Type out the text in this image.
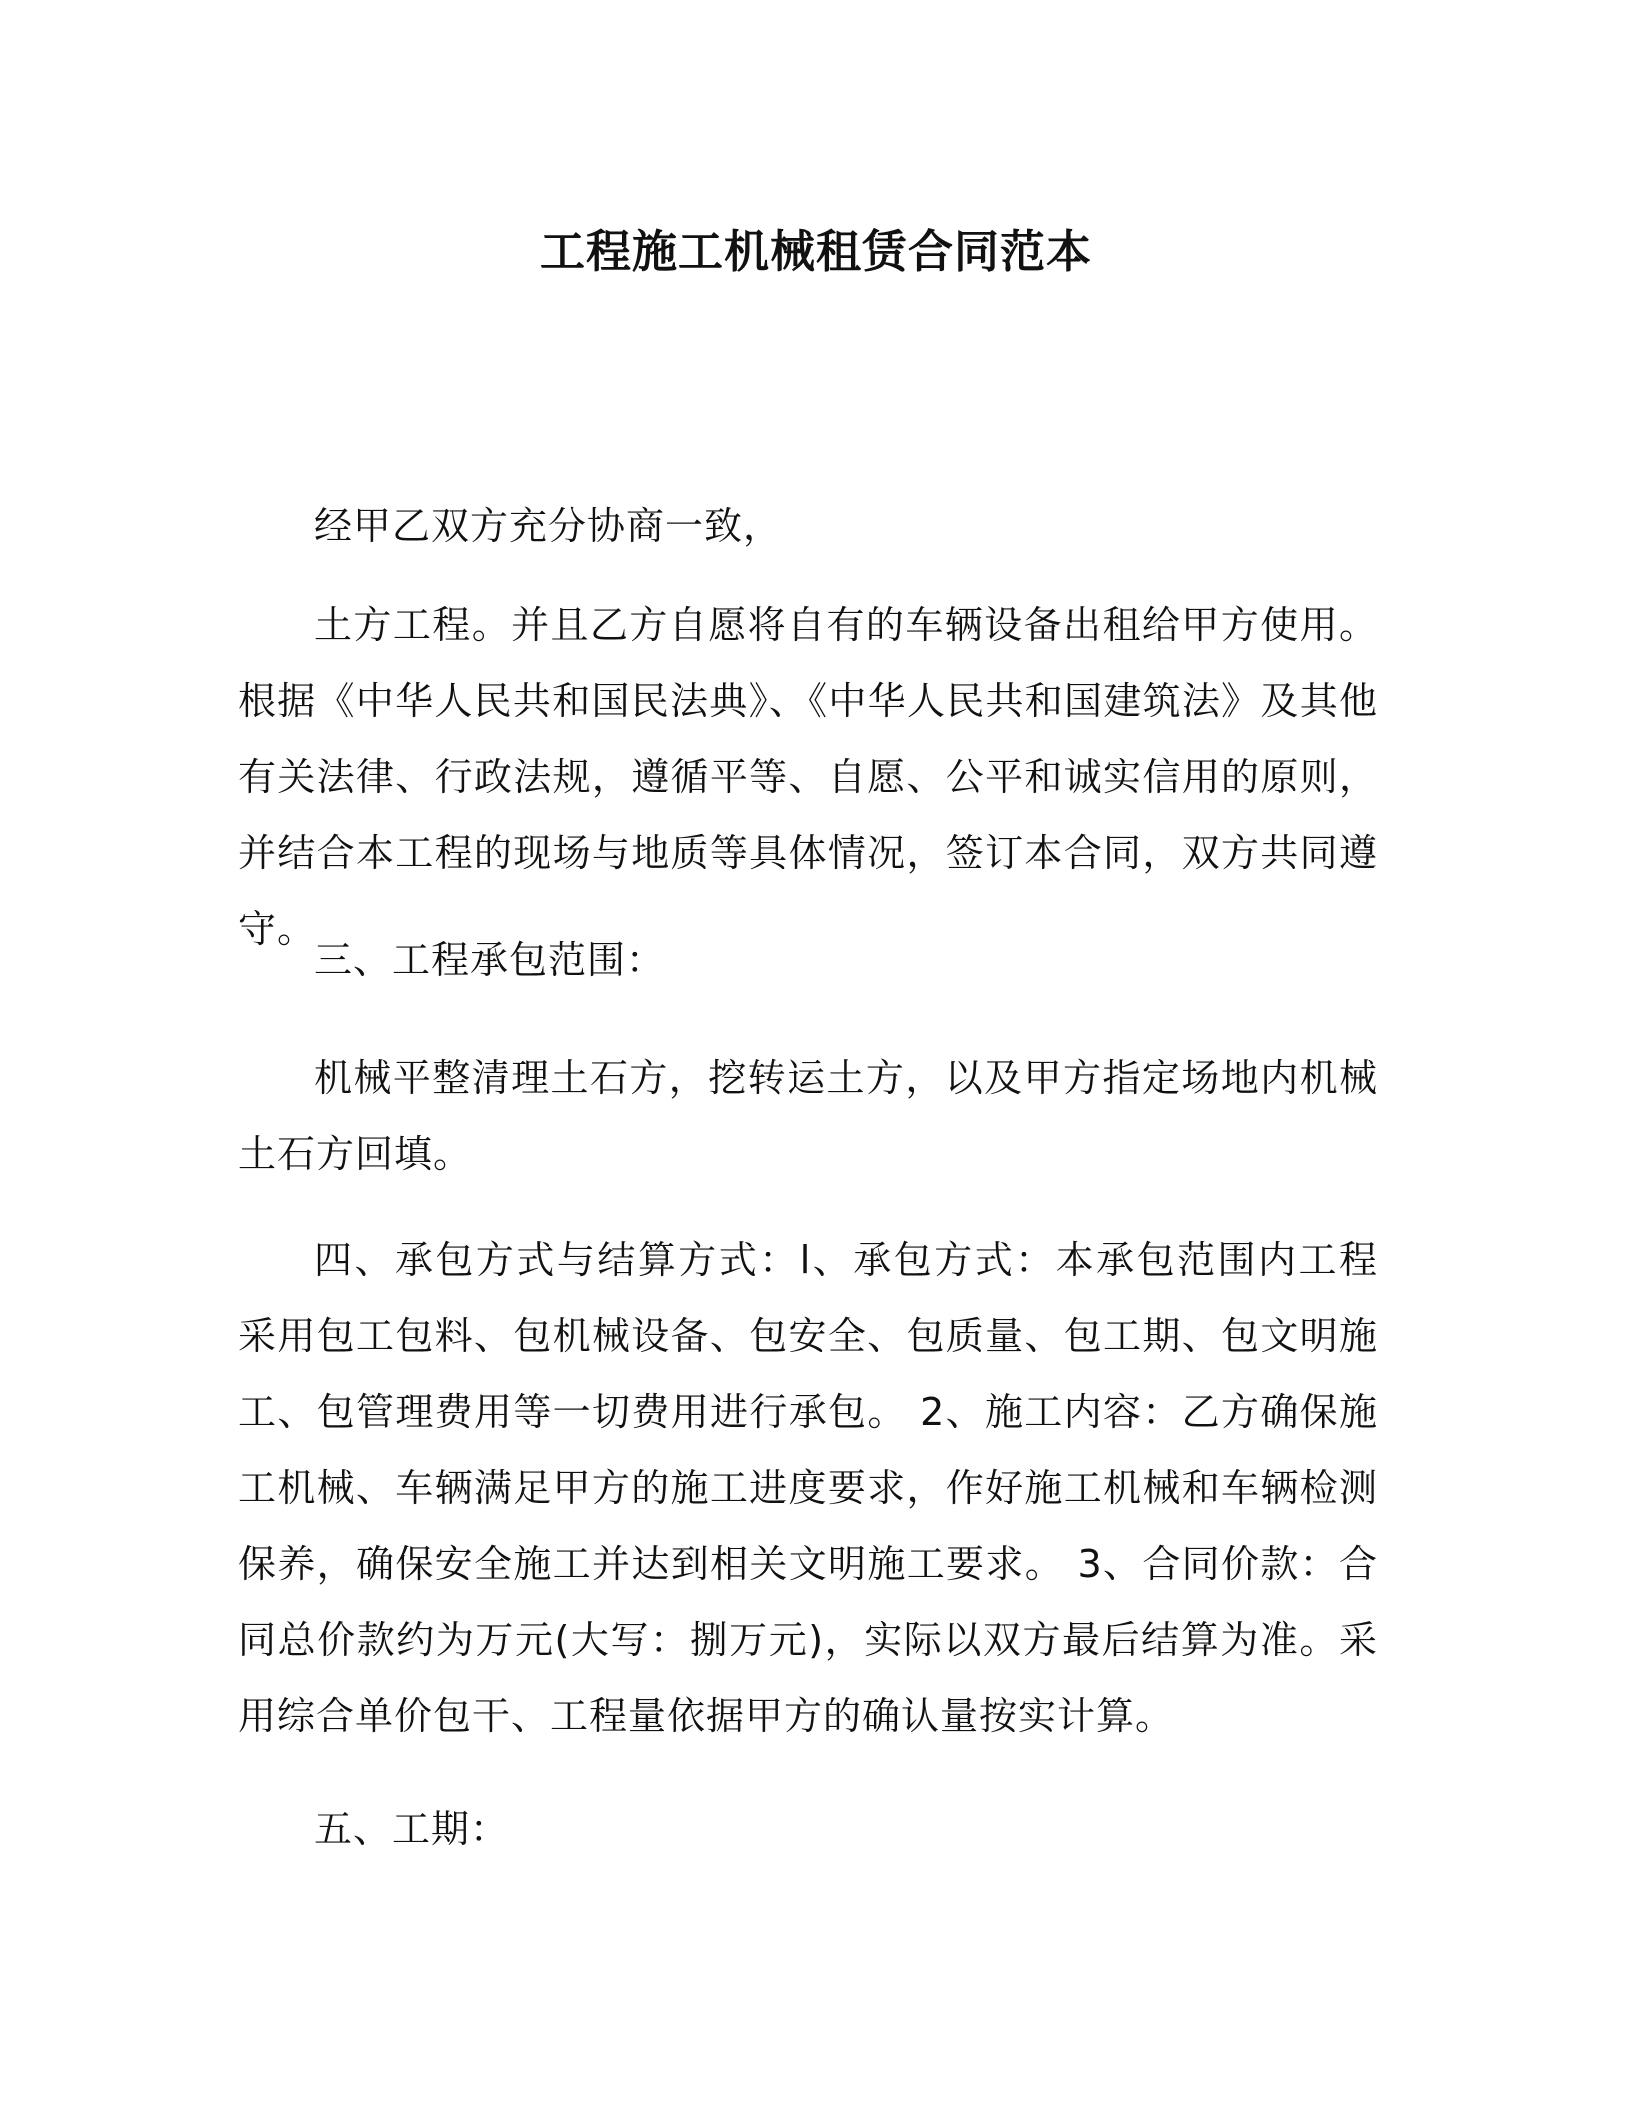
工程施工机械租赁合同范本

经甲乙双方充分协商一致，

土方工程。并且乙方自愿将自有的车辆设备出租给甲方使用。根据《中华人民共和国民法典》、《中华人民共和国建筑法》及其他有关法律、行政法规，遵循平等、自愿、公平和诚实信用的原则，并结合本工程的现场与地质等具体情况，签订本合同，双方共同遵守。

三、工程承包范围：

机械平整清理土石方，挖转运土方，以及甲方指定场地内机械土石方回填。

四、承包方式与结算方式：l、承包方式：本承包范围内工程采用包工包料、包机械设备、包安全、包质量、包工期、包文明施工、包管理费用等一切费用进行承包。 2、施工内容：乙方确保施工机械、车辆满足甲方的施工进度要求，作好施工机械和车辆检测保养，确保安全施工并达到相关文明施工要求。 3、合同价款：合同总价款约为万元(大写：捌万元)，实际以双方最后结算为准。采用综合单价包干、工程量依据甲方的确认量按实计算。

五、工期：
